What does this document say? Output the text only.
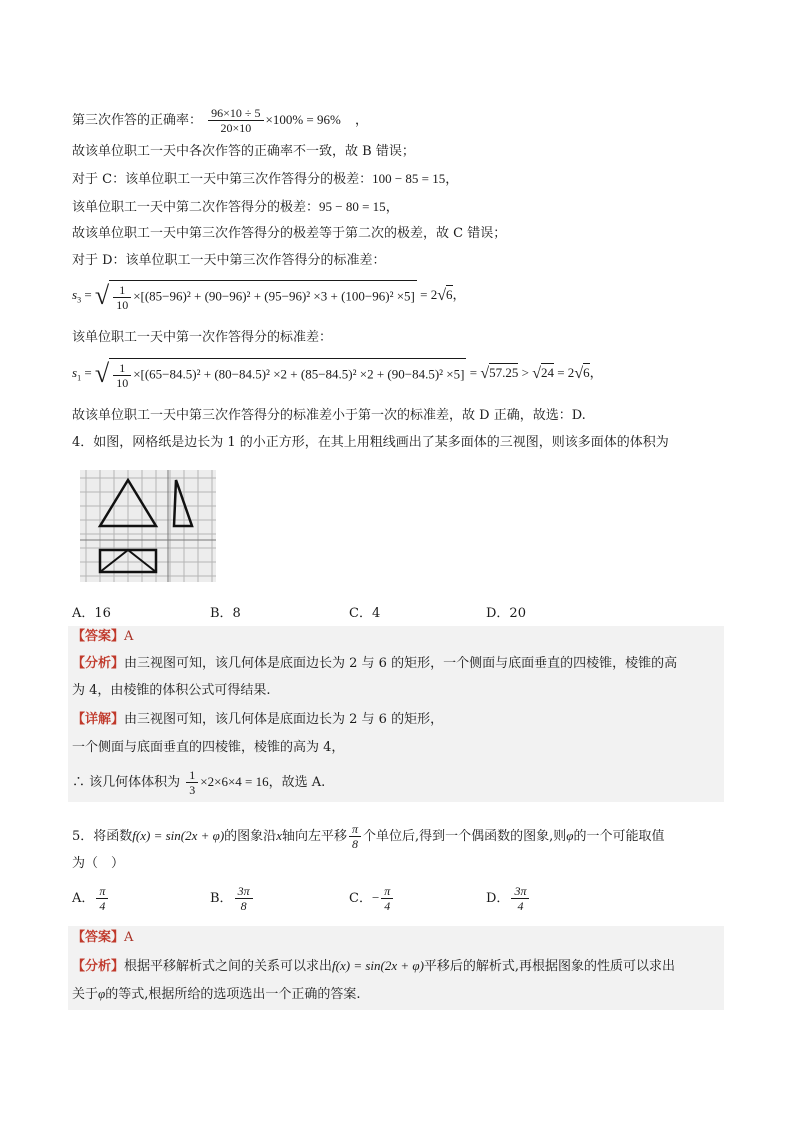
第三次作答的正确率： $\frac{96\times 10 \div 5}{20\times 10} \times 100\% = 96\%$ ，
故该单位职工一天中各次作答的正确率不一致，故 B 错误；
对于 C：该单位职工一天中第三次作答得分的极差：100 − 85 = 15，
该单位职工一天中第二次作答得分的极差：95 − 80 = 15，
故该单位职工一天中第三次作答得分的极差等于第二次的极差，故 C 错误；
对于 D：该单位职工一天中第三次作答得分的标准差：
$s_3$ = √ $\frac{1}{10} \times[(85-96)^2 + (90-96)^2 + (95-96)^2 \times 3 + (100-96)^2 \times 5] = 2√6$，
该单位职工一天中第一次作答得分的标准差：
$s_1$ = √ $\frac{1}{10} \times[(65-84.5)^2 + (80-84.5)^2 \times 2 + (85-84.5)^2 \times 2 + (90-84.5)^2 \times 5] = √57.25 > √24 = 2√6$，
故该单位职工一天中第三次作答得分的标准差小于第一次的标准差，故 D 正确，故选：D.
4．如图，网格纸是边长为 1 的小正方形，在其上用粗线画出了某多面体的三视图，则该多面体的体积为
A．16	B．8	C．4	D．20
【答案】A
【分析】由三视图可知，该几何体是底面边长为 2 与 6 的矩形，一个侧面与底面垂直的四棱锥，棱锥的高
为 4，由棱锥的体积公式可得结果.
【详解】由三视图可知，该几何体是底面边长为 2 与 6 的矩形，
一个侧面与底面垂直的四棱锥，棱锥的高为 4，
∴ 该几何体体积为 $\frac{1}{3} \times 2\times 6\times 4 = 16$，故选 A.
5．将函数f(x) = sin(2x + φ)的图象沿x轴向左平移 $\frac{\pi}{8}$ 个单位后,得到一个偶函数的图象,则φ的一个可能取值
为（　）
A． $\frac{\pi}{4}$	B． $\frac{3\pi}{8}$	C．− $\frac{\pi}{4}$	D． $\frac{3\pi}{4}$
【答案】A
【分析】根据平移解析式之间的关系可以求出f(x) = sin(2x + φ)平移后的解析式,再根据图象的性质可以求出
关于φ的等式,根据所给的选项选出一个正确的答案.
